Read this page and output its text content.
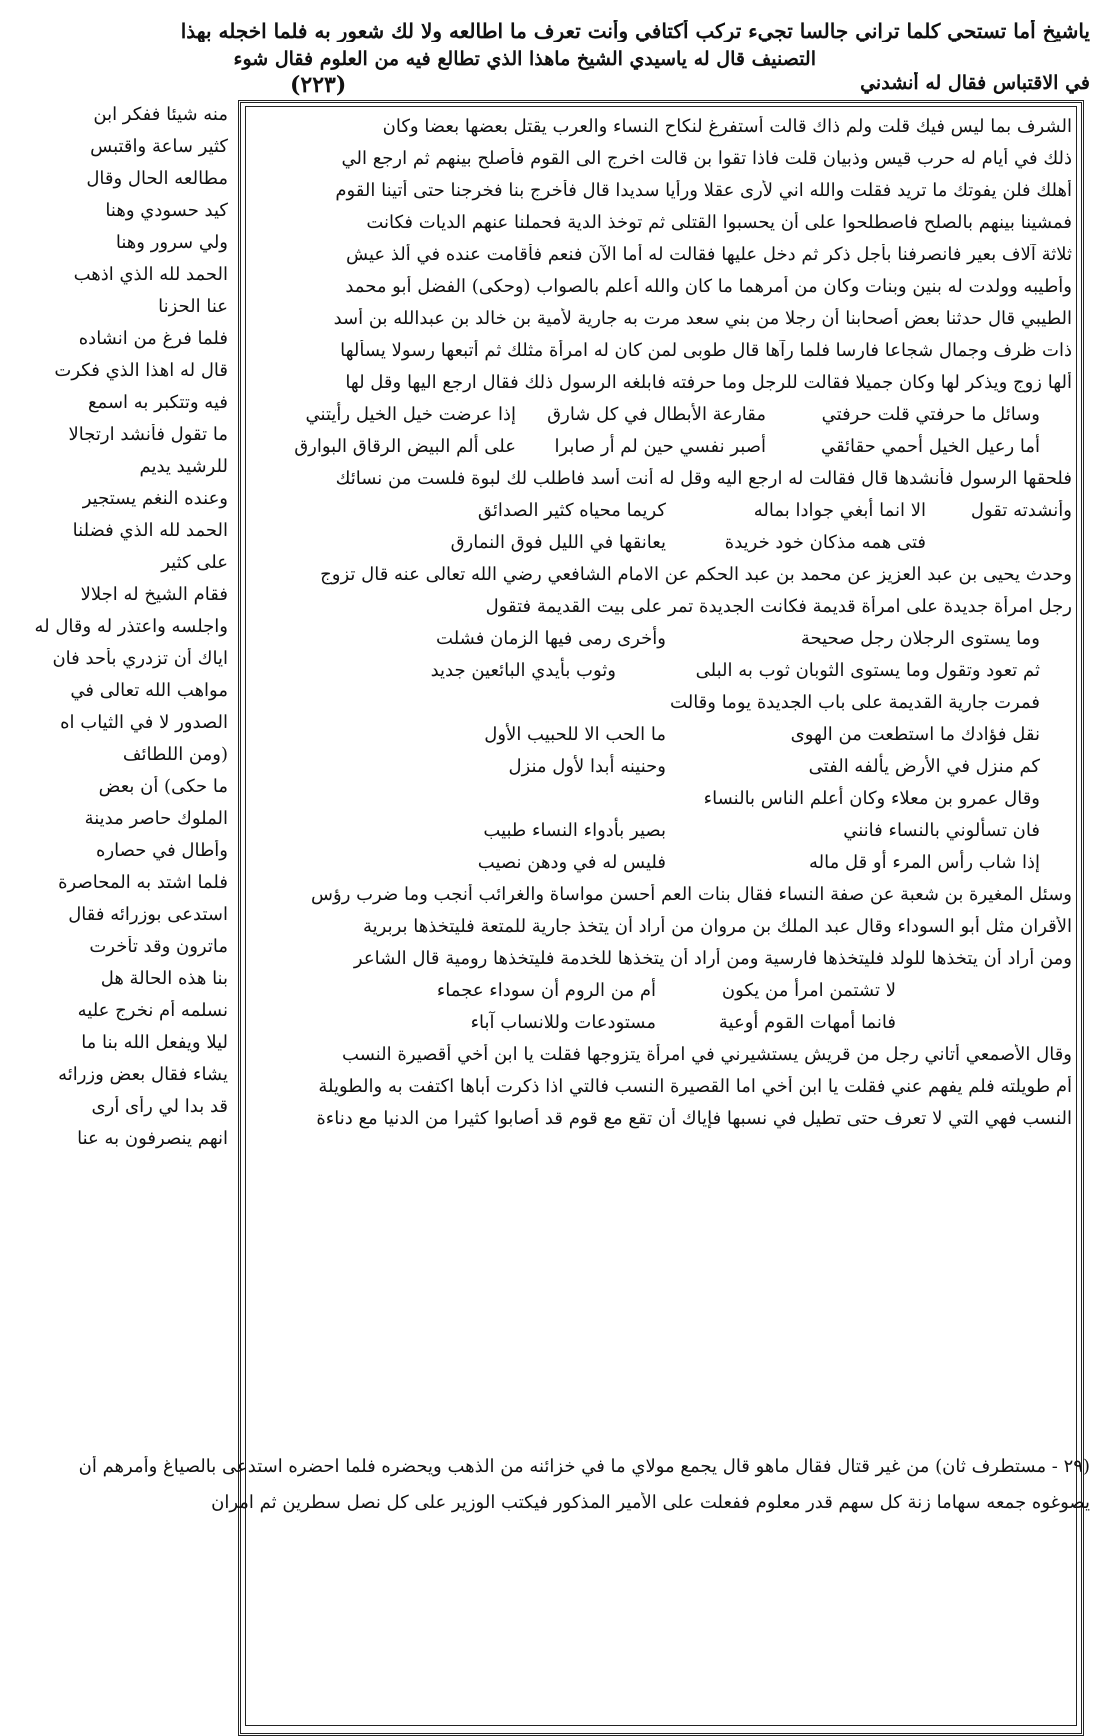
(٢٢٣)
ياشيخ أما تستحي كلما تراني جالسا تجيء تركب أكتافي وأنت تعرف ما اطالعه ولا لك شعور به فلما اخجله بهذا
التصنيف قال له ياسيدي الشيخ ماهذا الذي تطالع فيه من العلوم فقال شوء
في الاقتباس فقال له أنشدني
الشرف بما ليس فيك قلت ولم ذاك قالت أستفرغ لنكاح النساء والعرب يقتل بعضها بعضا وكان
ذلك في أيام له حرب قيس وذبيان قلت فاذا تقوا بن قالت اخرج الى القوم فأصلح بينهم ثم ارجع الي
أهلك فلن يفوتك ما تريد فقلت والله اني لأرى عقلا ورأيا سديدا قال فأخرج بنا فخرجنا حتى أتينا القوم
فمشينا بينهم بالصلح فاصطلحوا على أن يحسبوا القتلى ثم توخذ الدية فحملنا عنهم الديات فكانت
ثلاثة آلاف بعير فانصرفنا بأجل ذكر ثم دخل عليها فقالت له أما الآن فنعم فأقامت عنده في ألذ عيش
وأطيبه وولدت له بنين وبنات وكان من أمرهما ما كان والله أعلم بالصواب (وحكى) الفضل أبو محمد
الطيبي قال حدثنا بعض أصحابنا أن رجلا من بني سعد مرت به جارية لأمية بن خالد بن عبدالله بن أسد
ذات ظرف وجمال شجاعا فارسا فلما رآها قال طوبى لمن كان له امرأة مثلك ثم أتبعها رسولا يسألها
ألها زوج ويذكر لها وكان جميلا فقالت للرجل وما حرفته فابلغه الرسول ذلك فقال ارجع اليها وقل لها
وسائل ما حرفتي قلت حرفتي
مقارعة الأبطال في كل شارق
إذا عرضت خيل الخيل رأيتني
أما رعيل الخيل أحمي حقائقي
أصبر نفسي حين لم أر صابرا
على ألم البيض الرقاق البوارق
فلحقها الرسول فأنشدها قال فقالت له ارجع اليه وقل له أنت أسد فاطلب لك لبوة فلست من نسائك
وأنشدته تقول
الا انما أبغي جوادا بماله
كريما محياه كثير الصدائق
فتى همه مذكان خود خريدة
يعانقها في الليل فوق النمارق
وحدث يحيى بن عبد العزيز عن محمد بن عبد الحكم عن الامام الشافعي رضي الله تعالى عنه قال تزوج
رجل امرأة جديدة على امرأة قديمة فكانت الجديدة تمر على بيت القديمة فتقول
وما يستوى الرجلان رجل صحيحة
وأخرى رمى فيها الزمان فشلت
ثم تعود وتقول وما يستوى الثوبان ثوب به البلى
وثوب بأيدي البائعين جديد
فمرت جارية القديمة على باب الجديدة يوما وقالت
نقل فؤادك ما استطعت من الهوى
ما الحب الا للحبيب الأول
كم منزل في الأرض يألفه الفتى
وحنينه أبدا لأول منزل
وقال عمرو بن معلاء وكان أعلم الناس بالنساء
فان تسألوني بالنساء فانني
بصير بأدواء النساء طبيب
إذا شاب رأس المرء أو قل ماله
فليس له في ودهن نصيب
وسئل المغيرة بن شعبة عن صفة النساء فقال بنات العم أحسن مواساة والغرائب أنجب وما ضرب رؤس
الأقران مثل أبو السوداء وقال عبد الملك بن مروان من أراد أن يتخذ جارية للمتعة فليتخذها بربرية
ومن أراد أن يتخذها للولد فليتخذها فارسية ومن أراد أن يتخذها للخدمة فليتخذها رومية قال الشاعر
لا تشتمن امرأ من يكون
أم من الروم أن سوداء عجماء
فانما أمهات القوم أوعية
مستودعات وللانساب آباء
وقال الأصمعي أتاني رجل من قريش يستشيرني في امرأة يتزوجها فقلت يا ابن أخي أقصيرة النسب
أم طويلته فلم يفهم عني فقلت يا ابن أخي اما القصيرة النسب فالتي اذا ذكرت أباها اكتفت به والطويلة
النسب فهي التي لا تعرف حتى تطيل في نسبها فإياك أن تقع مع قوم قد أصابوا كثيرا من الدنيا مع دناءة
منه شيئا ففكر ابن
كثير ساعة واقتبس
مطالعه الحال وقال
كيد حسودي وهنا
ولي سرور وهنا
الحمد لله الذي اذهب
عنا الحزنا
فلما فرغ من انشاده
قال له اهذا الذي فكرت
فيه وتتكبر به اسمع
ما تقول فأنشد ارتجالا
للرشيد يديم
وعنده النغم يستجير
الحمد لله الذي فضلنا
على كثير
فقام الشيخ له اجلالا
واجلسه واعتذر له وقال له
اياك أن تزدري بأحد فان
مواهب الله تعالى في
الصدور لا في الثياب اه
(ومن اللطائف
ما حكى) أن بعض
الملوك حاصر مدينة
وأطال في حصاره
فلما اشتد به المحاصرة
استدعى بوزرائه فقال
ماترون وقد تأخرت
بنا هذه الحالة هل
نسلمه أم نخرج عليه
ليلا ويفعل الله بنا ما
يشاء فقال بعض وزرائه
قد بدا لي رأى أرى
انهم ينصرفون به عنا
(٢٩ - مستطرف ثان) من غير قتال فقال ماهو قال يجمع مولاي ما في خزائنه من الذهب ويحضره فلما احضره استدعى بالصياغ وأمرهم أن
يصوغوه جمعه سهاما زنة كل سهم قدر معلوم ففعلت على الأمير المذكور فيكتب الوزير على كل نصل سطرين ثم امران
